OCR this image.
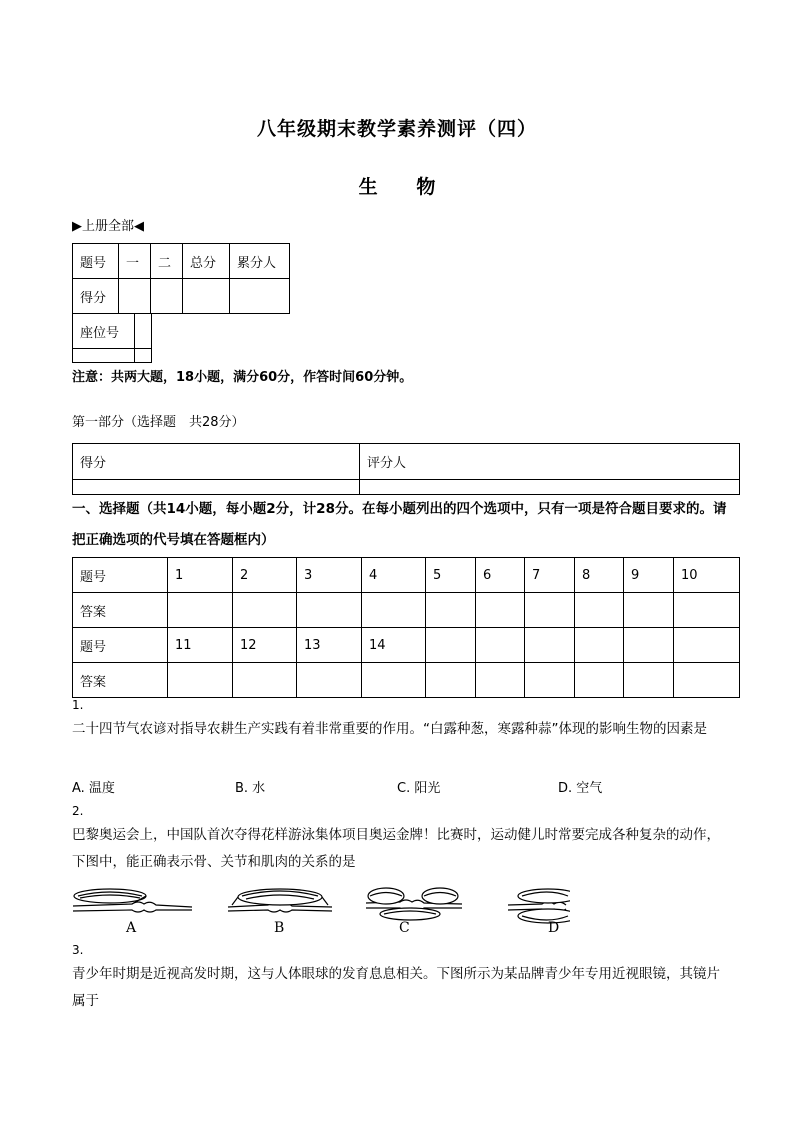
八年级期末教学素养测评（四）
生 物
▶上册全部◀
题号	一	二	总分	累分人
得分				
座位号	

注意：共两大题，18小题，满分60分，作答时间60分钟。
第一部分（选择题　共28分）
得分	评分人

一、选择题（共14小题，每小题2分，计28分。在每小题列出的四个选项中，只有一项是符合题目要求的。请把正确选项的代号填在答题框内）
题号	1	2	3	4	5	6	7	8	9	10
答案										
题号	11	12	13	14						
答案										
1.
二十四节气农谚对指导农耕生产实践有着非常重要的作用。“白露种葱，寒露种蒜”体现的影响生物的因素是
A. 温度	B. 水	C. 阳光	D. 空气
2.
巴黎奥运会上，中国队首次夺得花样游泳集体项目奥运金牌！比赛时，运动健儿时常要完成各种复杂的动作，下图中，能正确表示骨、关节和肌肉的关系的是
A	B	C	D
3.
青少年时期是近视高发时期，这与人体眼球的发育息息相关。下图所示为某品牌青少年专用近视眼镜，其镜片属于
